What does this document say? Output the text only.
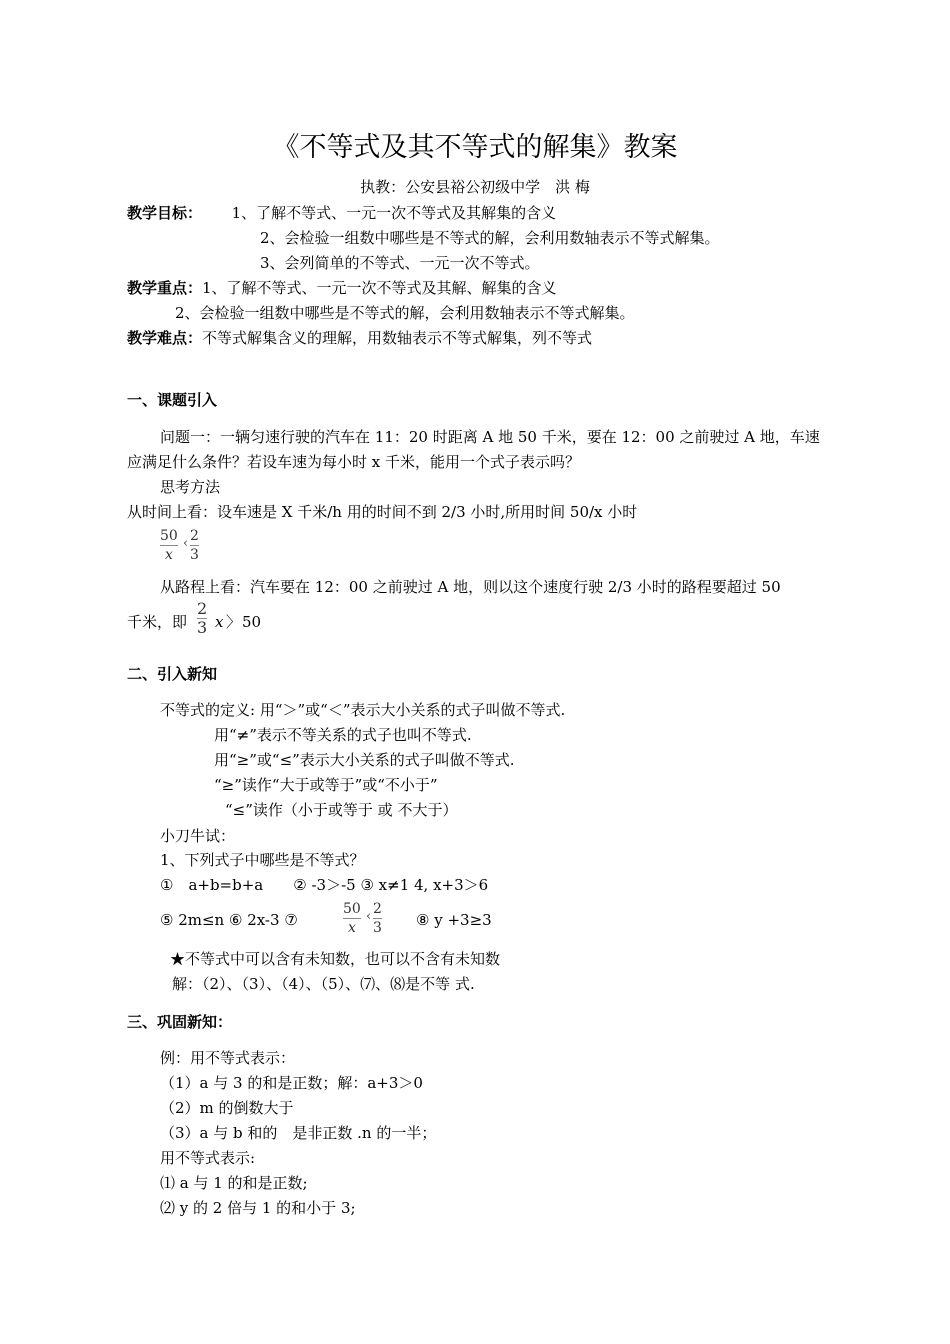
《不等式及其不等式的解集》教案
执教：公安县裕公初级中学　洪 梅
教学目标： 1、了解不等式、一元一次不等式及其解集的含义
2、会检验一组数中哪些是不等式的解，会利用数轴表示不等式解集。
3、会列简单的不等式、一元一次不等式。
教学重点：1、了解不等式、一元一次不等式及其解、解集的含义
2、会检验一组数中哪些是不等式的解，会利用数轴表示不等式解集。
教学难点：不等式解集含义的理解，用数轴表示不等式解集，列不等式
一、课题引入
问题一：一辆匀速行驶的汽车在 11：20 时距离 A 地 50 千米，要在 12：00 之前驶过 A 地，车速
应满足什么条件？若设车速为每小时 x 千米，能用一个式子表示吗？
思考方法
从时间上看：设车速是 X 千米/h 用的时间不到 2/3 小时,所用时间 50/x 小时
$\frac{50}{x}$ ‹ $\frac{2}{3}$
从路程上看：汽车要在 12：00 之前驶过 A 地，则以这个速度行驶 2/3 小时的路程要超过 50
千米，即 $\frac{2}{3}$ x 〉 50
二、引入新知
不等式的定义: 用“＞”或“＜”表示大小关系的式子叫做不等式.
用“≠”表示不等关系的式子也叫不等式.
用“≥”或“≤”表示大小关系的式子叫做不等式.
“≥”读作“大于或等于”或“不小于”
“≤”读作（小于或等于 或 不大于）
小刀牛试：
1、下列式子中哪些是不等式？
①　a+b=b+a　　② -3＞-5 ③ x≠1 4, x+3＞6
⑤ 2m≤n ⑥ 2x-3 ⑦	$\frac{50}{x}$ ‹ $\frac{2}{3}$ ⑧ y +3≥3
★不等式中可以含有未知数，也可以不含有未知数
解：（2）、（3）、（4）、（5）、⑺、⑻是不等 式.
三、巩固新知：
例：用不等式表示：
（1）a 与 3 的和是正数；解：a+3＞0
（2）m 的倒数大于
（3）a 与 b 和的　是非正数 .n 的一半；
用不等式表示:
⑴ a 与 1 的和是正数;
⑵ y 的 2 倍与 1 的和小于 3;
